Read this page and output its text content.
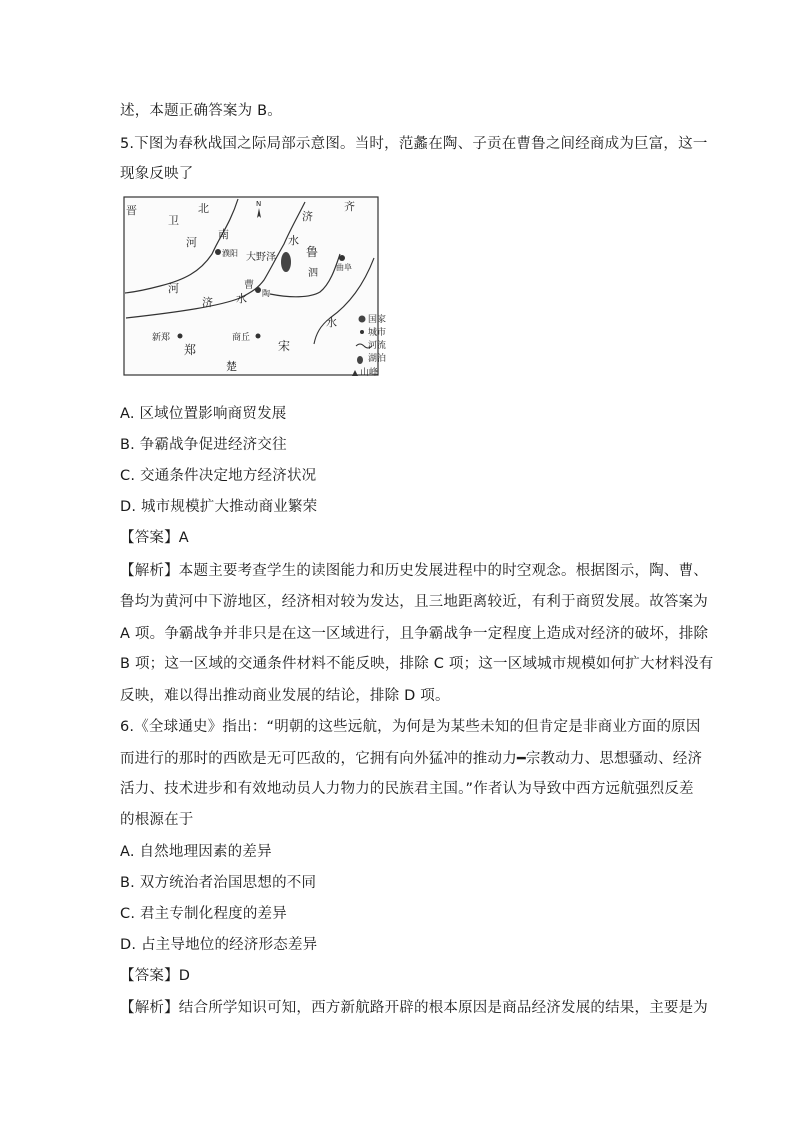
述，本题正确答案为 B。
5.下图为春秋战国之际局部示意图。当时，范蠡在陶、子贡在曹鲁之间经商成为巨富，这一
现象反映了
N
晋
卫
北
南
河
齐
济
水
鲁
泗
曲阜
濮阳 大野泽
曹
陶
河
济 水
水
新郑
郑
商丘
宋
楚
国家
城市
河流
湖泊
山峰
A. 区域位置影响商贸发展
B. 争霸战争促进经济交往
C. 交通条件决定地方经济状况
D. 城市规模扩大推动商业繁荣
【答案】A
【解析】本题主要考查学生的读图能力和历史发展进程中的时空观念。根据图示，陶、曹、
鲁均为黄河中下游地区，经济相对较为发达，且三地距离较近，有利于商贸发展。故答案为
A 项。争霸战争并非只是在这一区域进行，且争霸战争一定程度上造成对经济的破坏，排除
B 项；这一区域的交通条件材料不能反映，排除 C 项；这一区域城市规模如何扩大材料没有
反映，难以得出推动商业发展的结论，排除 D 项。
6.《全球通史》指出：“明朝的这些远航，为何是为某些未知的但肯定是非商业方面的原因
而进行的那时的西欧是无可匹敌的，它拥有向外猛冲的推动力━宗教动力、思想骚动、经济
活力、技术进步和有效地动员人力物力的民族君主国。”作者认为导致中西方远航强烈反差
的根源在于
A. 自然地理因素的差异
B. 双方统治者治国思想的不同
C. 君主专制化程度的差异
D. 占主导地位的经济形态差异
【答案】D
【解析】结合所学知识可知，西方新航路开辟的根本原因是商品经济发展的结果，主要是为
